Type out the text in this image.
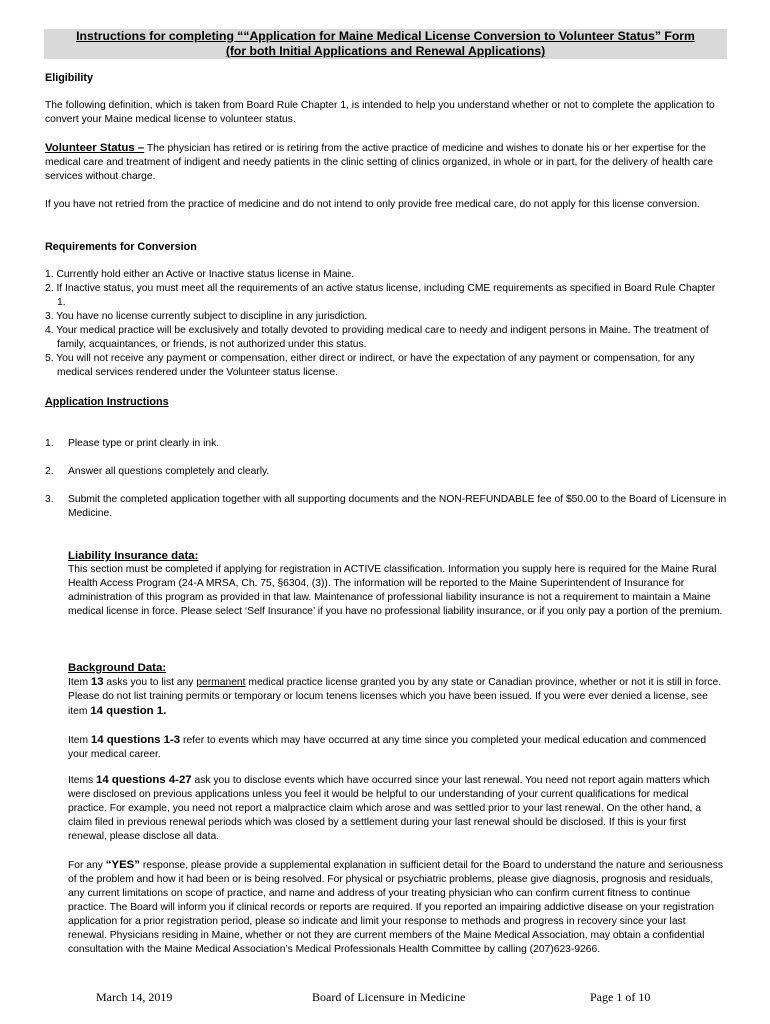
Instructions for completing ““Application for Maine Medical License Conversion to Volunteer Status” Form
(for both Initial Applications and Renewal Applications)
Eligibility
The following definition, which is taken from Board Rule Chapter 1, is intended to help you understand whether or not to complete the application to convert your Maine medical license to volunteer status.
Volunteer Status – The physician has retired or is retiring from the active practice of medicine and wishes to donate his or her expertise for the medical care and treatment of indigent and needy patients in the clinic setting of clinics organized, in whole or in part, for the delivery of health care services without charge.
If you have not retried from the practice of medicine and do not intend to only provide free medical care, do not apply for this license conversion.
Requirements for Conversion
1. Currently hold either an Active or Inactive status license in Maine.
2. If Inactive status, you must meet all the requirements of an active status license, including CME requirements as specified in Board Rule Chapter 1.
3. You have no license currently subject to discipline in any jurisdiction.
4. Your medical practice will be exclusively and totally devoted to providing medical care to needy and indigent persons in Maine. The treatment of family, acquaintances, or friends, is not authorized under this status.
5. You will not receive any payment or compensation, either direct or indirect, or have the expectation of any payment or compensation, for any medical services rendered under the Volunteer status license.
Application Instructions
1.	Please type or print clearly in ink.
2.	Answer all questions completely and clearly.
3.	Submit the completed application together with all supporting documents and the NON-REFUNDABLE fee of $50.00 to the Board of Licensure in Medicine.
Liability Insurance data:
This section must be completed if applying for registration in ACTIVE classification. Information you supply here is required for the Maine Rural Health Access Program (24-A MRSA, Ch. 75, §6304, (3)). The information will be reported to the Maine Superintendent of Insurance for administration of this program as provided in that law. Maintenance of professional liability insurance is not a requirement to maintain a Maine medical license in force. Please select ‘Self Insurance’ if you have no professional liability insurance, or if you only pay a portion of the premium.
Background Data:
Item 13 asks you to list any permanent medical practice license granted you by any state or Canadian province, whether or not it is still in force. Please do not list training permits or temporary or locum tenens licenses which you have been issued. If you were ever denied a license, see item 14 question 1.
Item 14 questions 1-3 refer to events which may have occurred at any time since you completed your medical education and commenced your medical career.
Items 14 questions 4-27 ask you to disclose events which have occurred since your last renewal. You need not report again matters which were disclosed on previous applications unless you feel it would be helpful to our understanding of your current qualifications for medical practice. For example, you need not report a malpractice claim which arose and was settled prior to your last renewal. On the other hand, a claim filed in previous renewal periods which was closed by a settlement during your last renewal should be disclosed. If this is your first renewal, please disclose all data.
For any “YES” response, please provide a supplemental explanation in sufficient detail for the Board to understand the nature and seriousness of the problem and how it had been or is being resolved. For physical or psychiatric problems, please give diagnosis, prognosis and residuals, any current limitations on scope of practice, and name and address of your treating physician who can confirm current fitness to continue practice. The Board will inform you if clinical records or reports are required. If you reported an impairing addictive disease on your registration application for a prior registration period, please so indicate and limit your response to methods and progress in recovery since your last renewal. Physicians residing in Maine, whether or not they are current members of the Maine Medical Association, may obtain a confidential consultation with the Maine Medical Association’s Medical Professionals Health Committee by calling (207)623-9266.
March 14, 2019	Board of Licensure in Medicine	Page 1 of 10
